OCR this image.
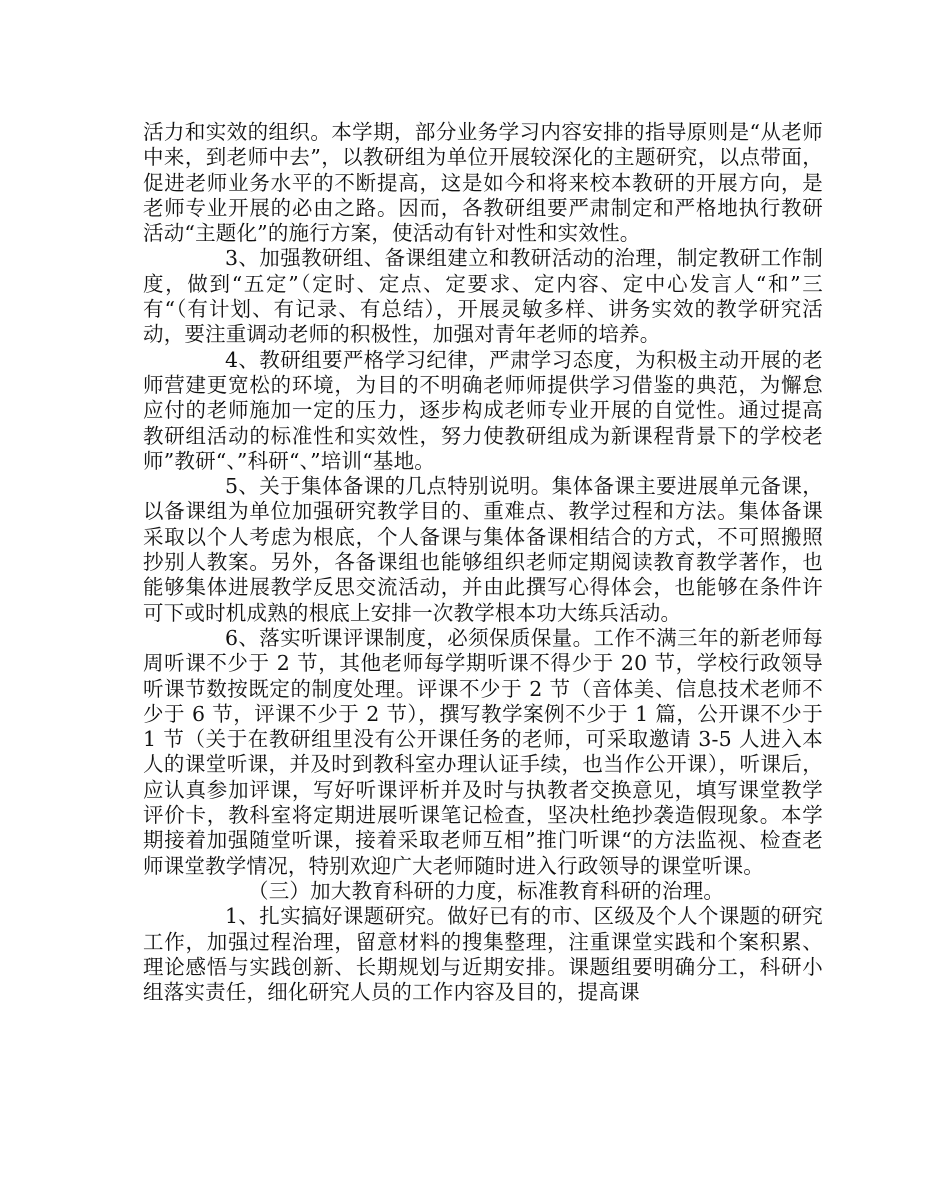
活力和实效的组织。本学期，部分业务学习内容安排的指导原则是“从老师中来，到老师中去”，以教研组为单位开展较深化的主题研究，以点带面，促进老师业务水平的不断提高，这是如今和将来校本教研的开展方向，是老师专业开展的必由之路。因而，各教研组要严肃制定和严格地执行教研活动“主题化”的施行方案，使活动有针对性和实效性。

3、加强教研组、备课组建立和教研活动的治理，制定教研工作制度，做到“五定”（定时、定点、定要求、定内容、定中心发言人“和”三有“（有计划、有记录、有总结），开展灵敏多样、讲务实效的教学研究活动，要注重调动老师的积极性，加强对青年老师的培养。

4、教研组要严格学习纪律，严肃学习态度，为积极主动开展的老师营建更宽松的环境，为目的不明确老师师提供学习借鉴的典范，为懈怠应付的老师施加一定的压力，逐步构成老师专业开展的自觉性。通过提高教研组活动的标准性和实效性，努力使教研组成为新课程背景下的学校老师”教研“、”科研“、”培训“基地。

5、关于集体备课的几点特别说明。集体备课主要进展单元备课，以备课组为单位加强研究教学目的、重难点、教学过程和方法。集体备课采取以个人考虑为根底，个人备课与集体备课相结合的方式，不可照搬照抄别人教案。另外，各备课组也能够组织老师定期阅读教育教学著作，也能够集体进展教学反思交流活动，并由此撰写心得体会，也能够在条件许可下或时机成熟的根底上安排一次教学根本功大练兵活动。

6、落实听课评课制度，必须保质保量。工作不满三年的新老师每周听课不少于 2 节，其他老师每学期听课不得少于 20 节，学校行政领导听课节数按既定的制度处理。评课不少于 2 节（音体美、信息技术老师不少于 6 节，评课不少于 2 节），撰写教学案例不少于 1 篇，公开课不少于 1 节（关于在教研组里没有公开课任务的老师，可采取邀请 3-5 人进入本人的课堂听课，并及时到教科室办理认证手续，也当作公开课），听课后，应认真参加评课，写好听课评析并及时与执教者交换意见，填写课堂教学评价卡，教科室将定期进展听课笔记检查，坚决杜绝抄袭造假现象。本学期接着加强随堂听课，接着采取老师互相”推门听课“的方法监视、检查老师课堂教学情况，特别欢迎广大老师随时进入行政领导的课堂听课。

（三）加大教育科研的力度，标准教育科研的治理。

1、扎实搞好课题研究。做好已有的市、区级及个人个课题的研究工作，加强过程治理，留意材料的搜集整理，注重课堂实践和个案积累、理论感悟与实践创新、长期规划与近期安排。课题组要明确分工，科研小组落实责任，细化研究人员的工作内容及目的，提高课
